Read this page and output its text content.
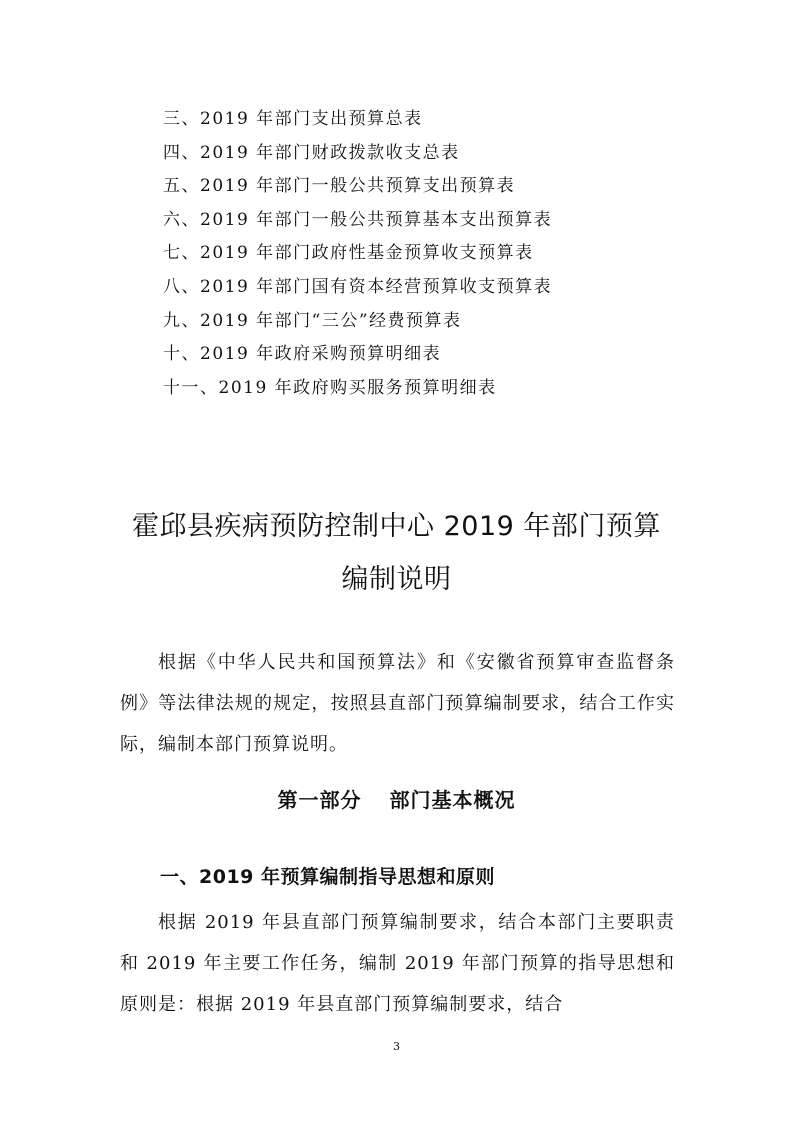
三、2019 年部门支出预算总表
四、2019 年部门财政拨款收支总表
五、2019 年部门一般公共预算支出预算表
六、2019 年部门一般公共预算基本支出预算表
七、2019 年部门政府性基金预算收支预算表
八、2019 年部门国有资本经营预算收支预算表
九、2019 年部门“三公”经费预算表
十、2019 年政府采购预算明细表
十一、2019 年政府购买服务预算明细表
霍邱县疾病预防控制中心 2019 年部门预算
编制说明

根据《中华人民共和国预算法》和《安徽省预算审查监督条例》等法律法规的规定，按照县直部门预算编制要求，结合工作实际，编制本部门预算说明。

第一部分 部门基本概况
一、2019 年预算编制指导思想和原则

根据 2019 年县直部门预算编制要求，结合本部门主要职责和 2019 年主要工作任务，编制 2019 年部门预算的指导思想和原则是：根据 2019 年县直部门预算编制要求，结合

3
